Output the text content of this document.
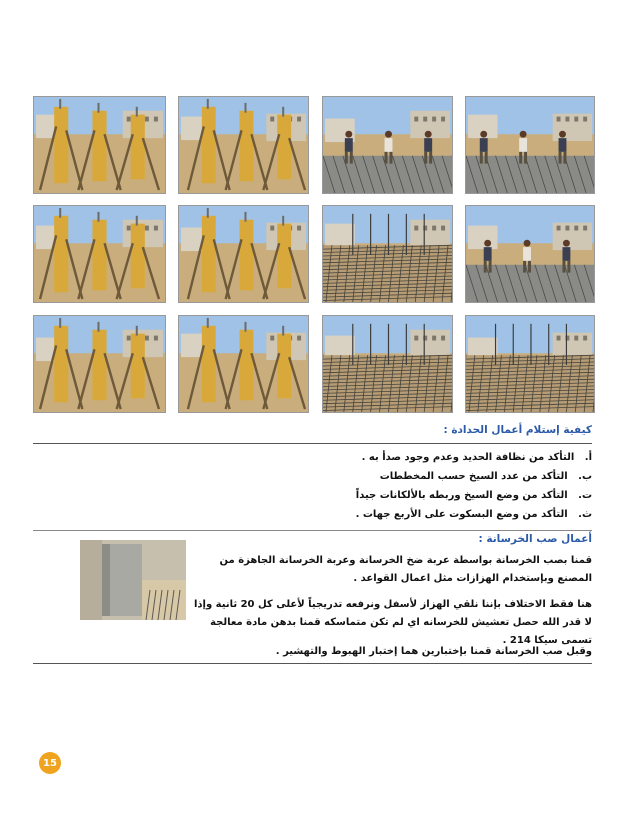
كيفية إستلام أعمال الحدادة :
أ.   التأكد من نظافة الحديد وعدم وجود صدأ به .
ب.   التأكد من عدد السيخ حسب المخططات
ت.   التأكد من وضع السيخ وربطه بالألكانات جيداً
ث.   التأكد من وضع البسكوت على الأربع جهات .
أعمال صب الخرسانة :
قمنا بصب الخرسانة بواسطة عربة ضخ الخرسانة وعربة الخرسانة الجاهزة من المصنع وبإستخدام الهزازات مثل اعمال القواعد .
هنا فقط الاختلاف بإننا نلقي الهزاز لأسفل ونرفعه تدريجياً لأعلى كل 20 ثانية وإذا لا قدر الله حصل تعشيش للخرسانه اي لم تكن متماسكه قمنا بدهن مادة معالجة تسمى سيكا 214 .
وقبل صب الخرسانة قمنا بإختبارين هما إختبار الهبوط والتهشير .
15
